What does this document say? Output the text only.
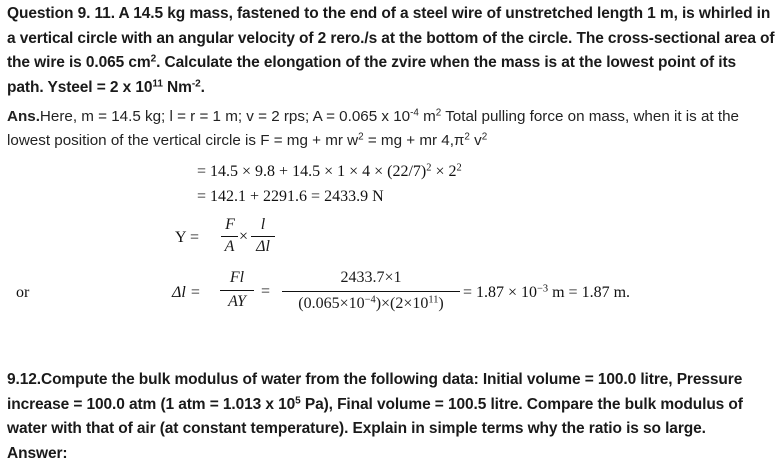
Question 9. 11. A 14.5 kg mass, fastened to the end of a steel wire of unstretched length 1 m, is whirled in
a vertical circle with an angular velocity of 2 rero./s at the bottom of the circle. The cross-sectional area of
the wire is 0.065 $cm^2$. Calculate the elongation of the zvire when the mass is at the lowest point of its
path. Ysteel = 2 x $10^{11}$ $Nm^{-2}$.
Ans.Here, m = 14.5 kg; l = r = 1 m; v = 2 rps; A = 0.065 x $10^{-4}$ $m^2$ Total pulling force on mass, when it is at the
lowest position of the vertical circle is F = mg + mr $w^2$ = mg + mr $4,\pi^2$ $v^2$
= $14.5 \times 9.8 + 14.5 \times 1 \times 4 \times (22/7)^2 \times 2^2$
= 142.1 + 2291.6 = 2433.9 N
Y =
F
A
×
l
Δl
or	Δl =
Fl
AY
=
2433.7×1
$(0.065\times 10^{-4})\times(2\times 10^{11})$
= $1.87 \times 10^{-3}$ m = 1.87 m.
9.12.Compute the bulk modulus of water from the following data: Initial volume = 100.0 litre, Pressure
increase = 100.0 atm (1 atm = 1.013 x $10^5$ Pa), Final volume = 100.5 litre. Compare the bulk modulus of
water with that of air (at constant temperature). Explain in simple terms why the ratio is so large.
Answer:
